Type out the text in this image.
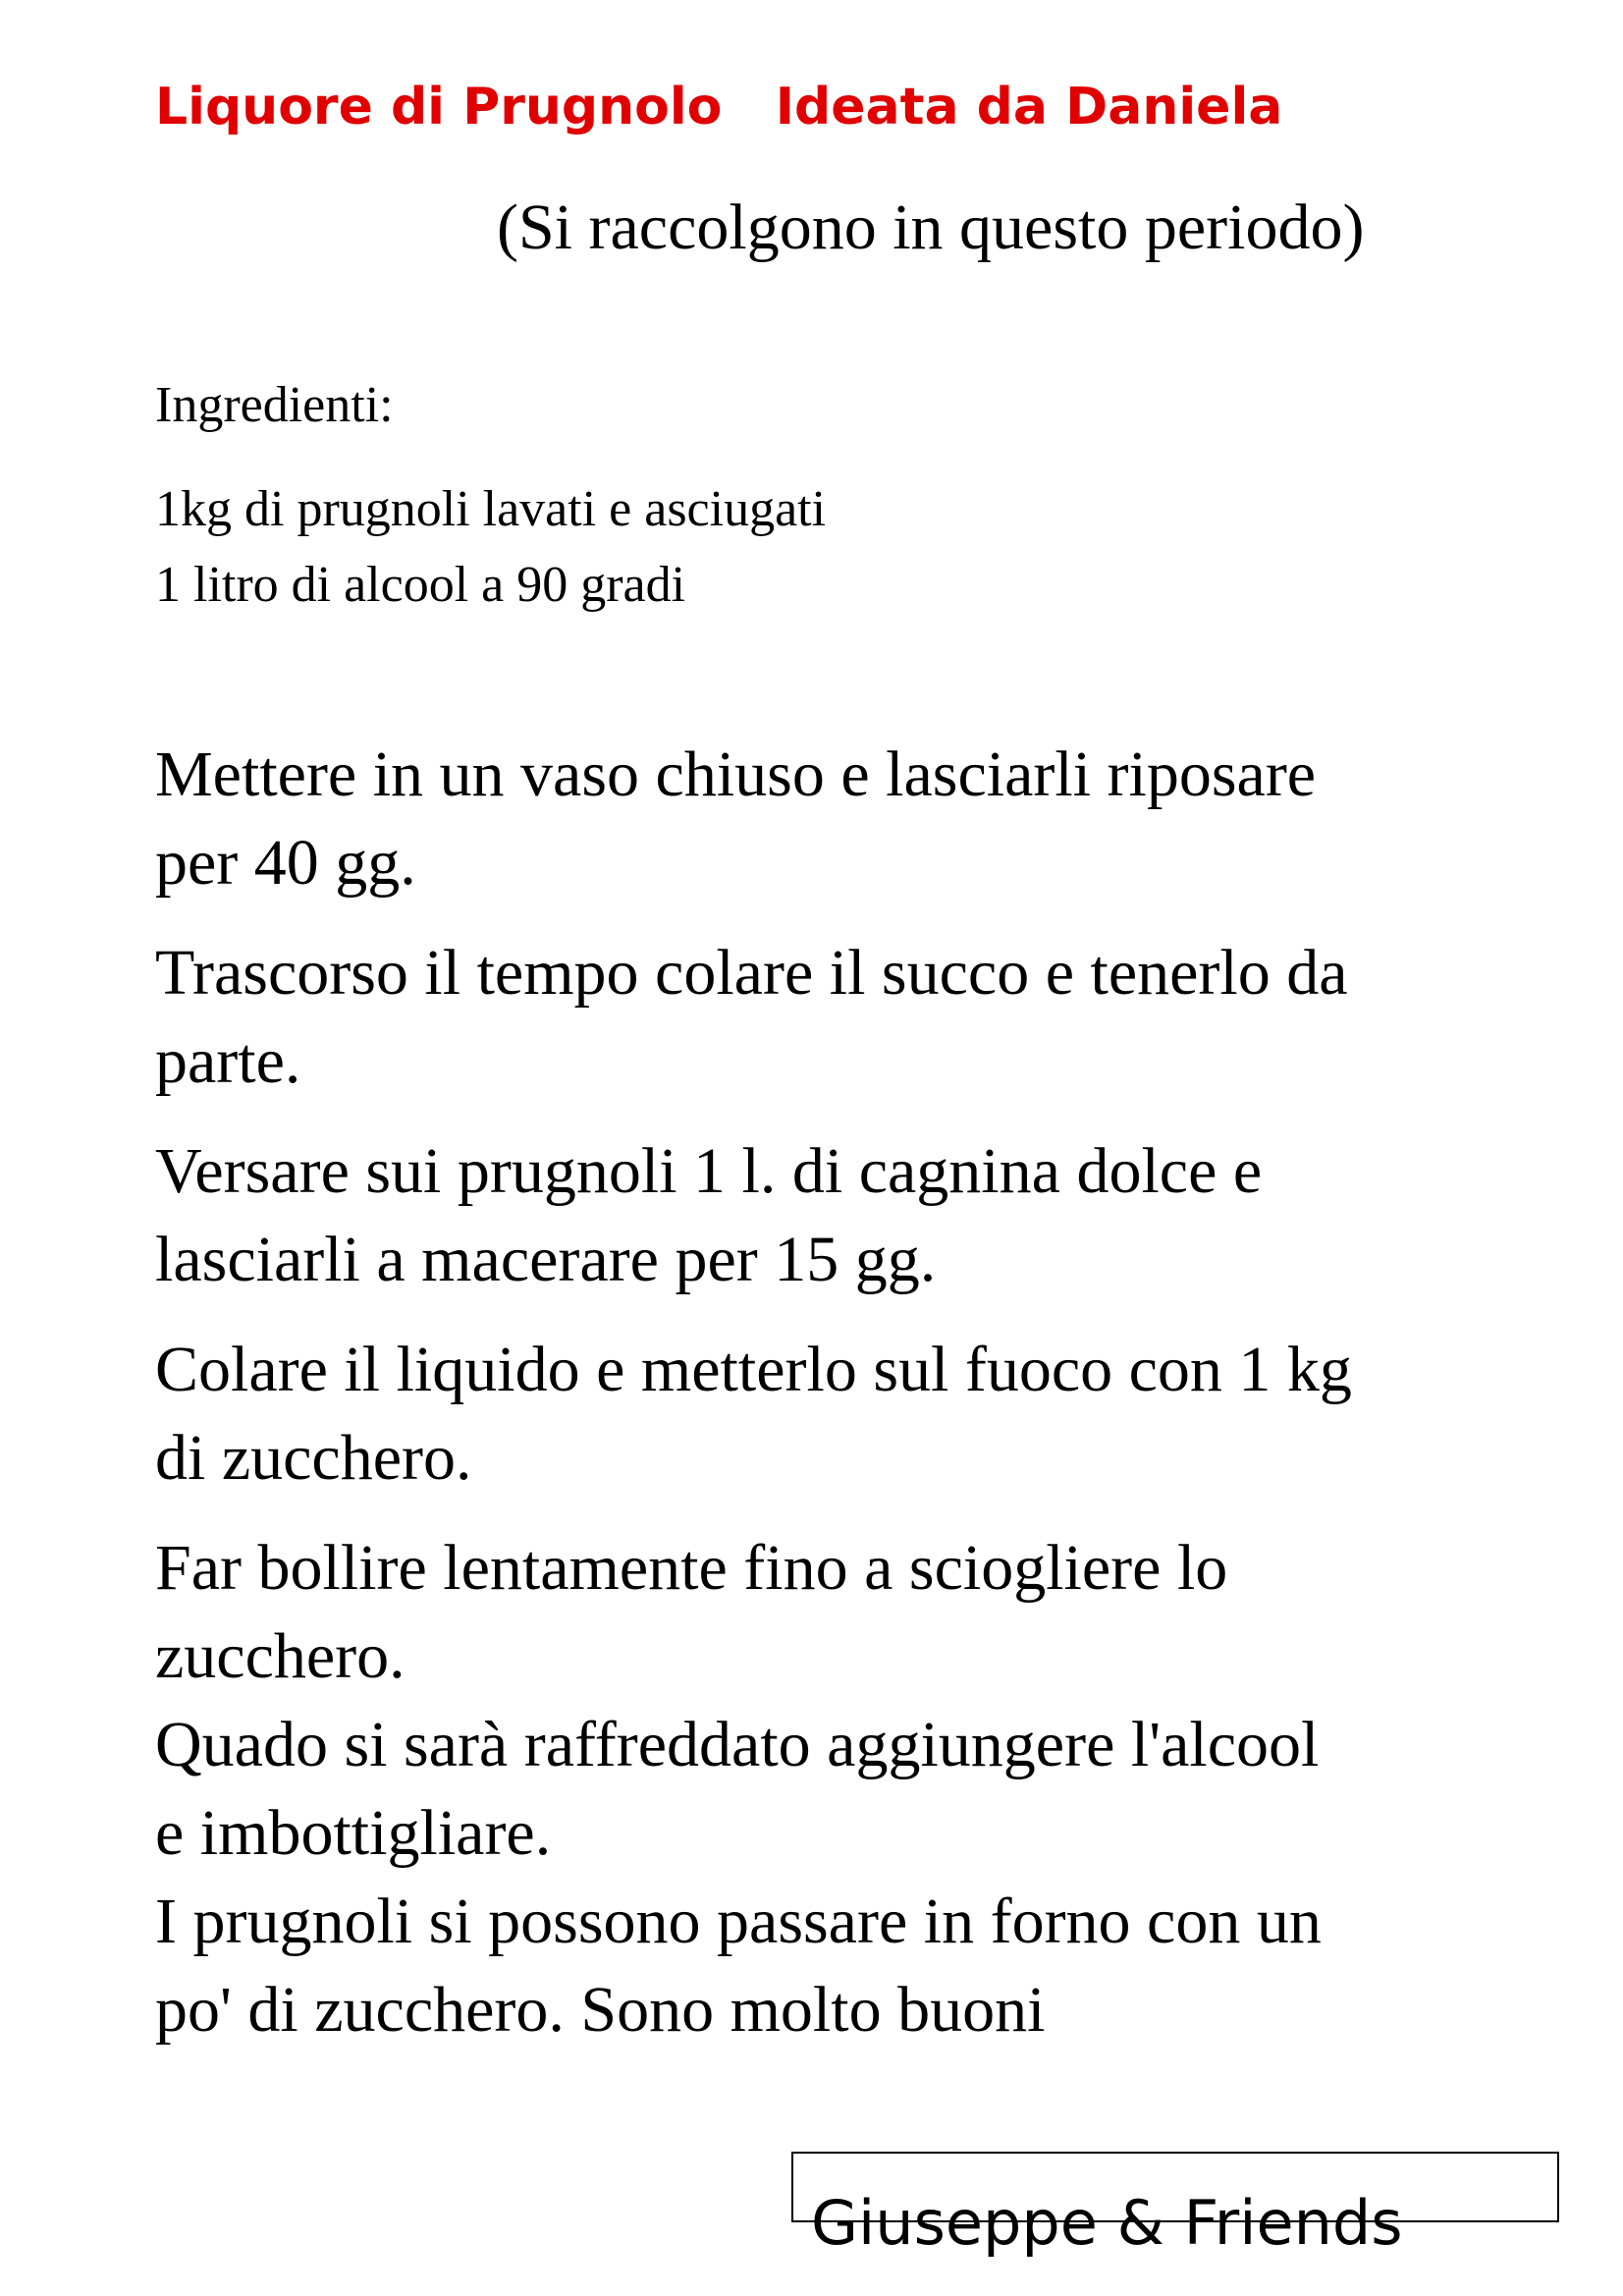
Liquore di Prugnolo   Ideata da Daniela
(Si raccolgono in questo periodo)
Ingredienti:
1kg di prugnoli lavati e asciugati
1 litro di alcool a 90 gradi
Mettere in un vaso chiuso e lasciarli riposare
per 40 gg.
Trascorso il tempo colare il succo e tenerlo da
parte.
Versare sui prugnoli 1 l. di cagnina dolce e
lasciarli a macerare per 15 gg.
Colare il liquido e metterlo sul fuoco con 1 kg
di zucchero.
Far bollire lentamente fino a sciogliere lo
zucchero.
Quado si sarà raffreddato aggiungere l'alcool
e imbottigliare.
I prugnoli si possono passare in forno con un
po' di zucchero. Sono molto buoni
Giuseppe & Friends
